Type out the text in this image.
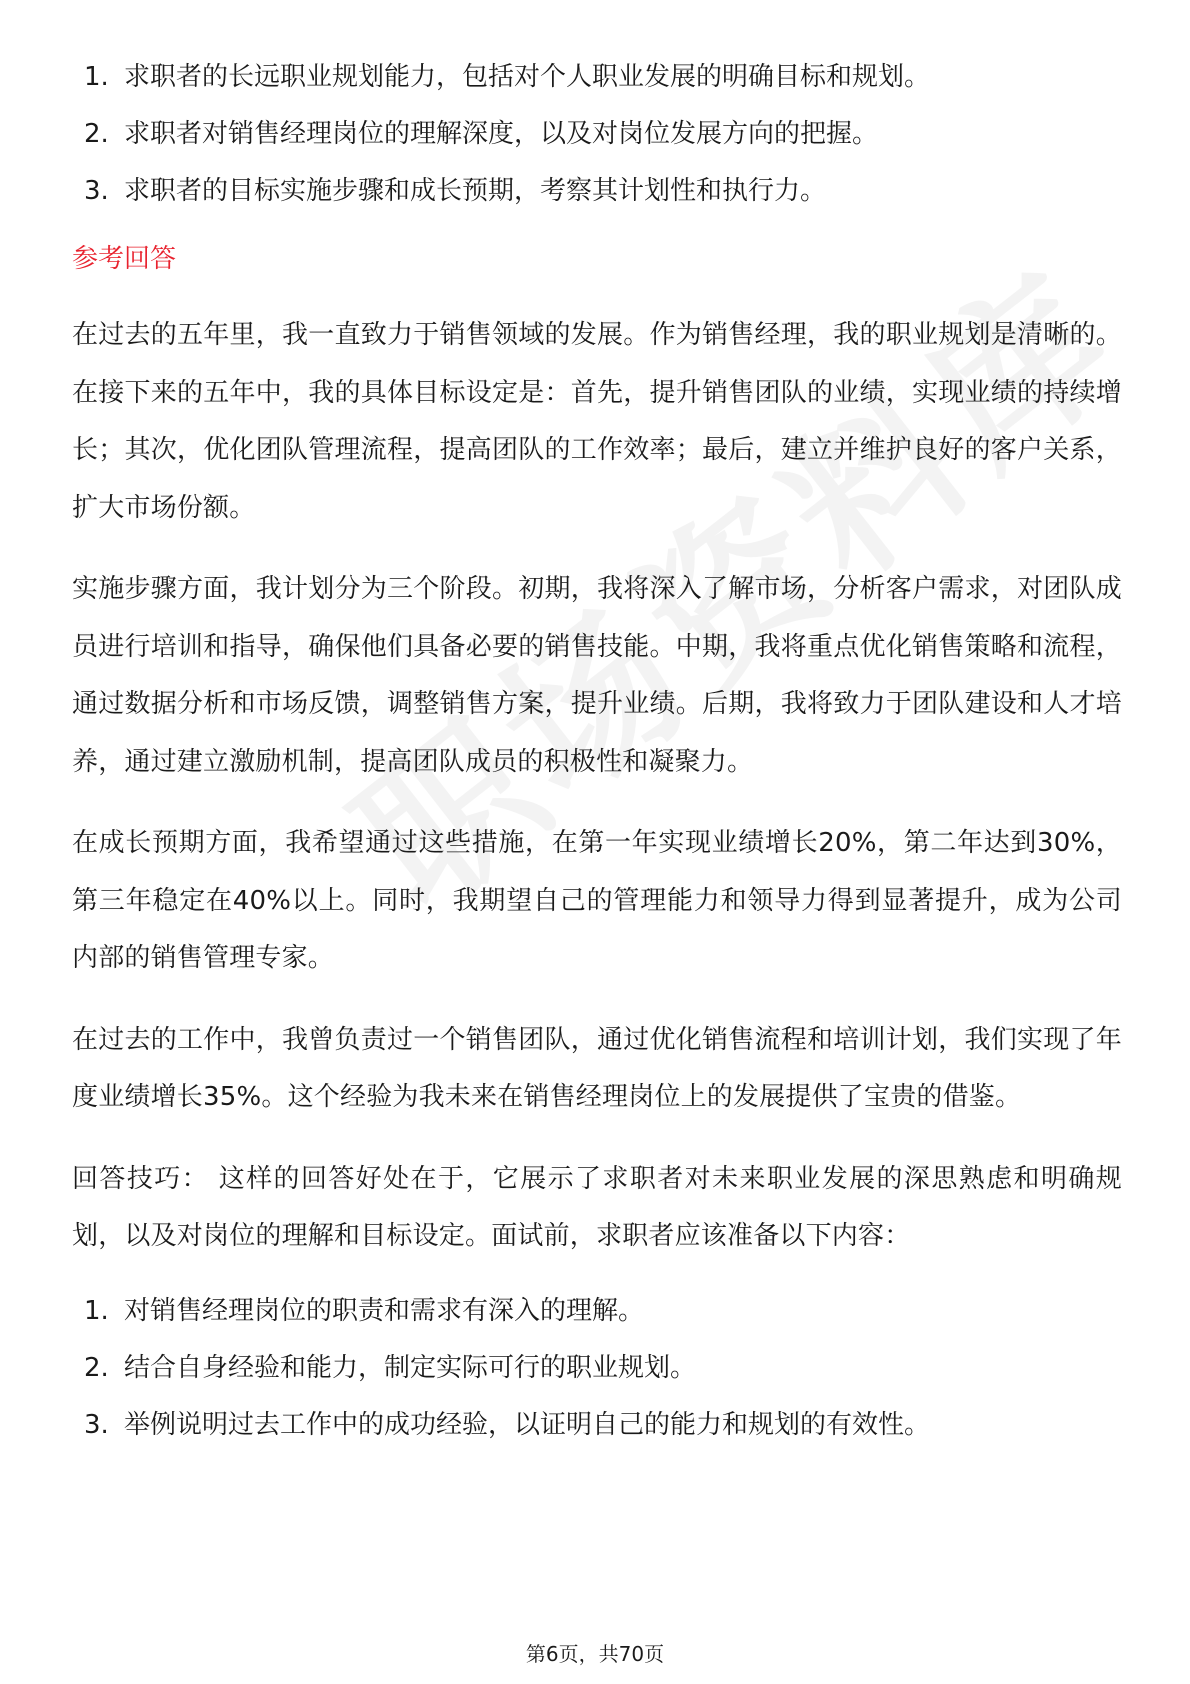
1. 求职者的长远职业规划能力，包括对个人职业发展的明确目标和规划。
2. 求职者对销售经理岗位的理解深度，以及对岗位发展方向的把握。
3. 求职者的目标实施步骤和成长预期，考察其计划性和执行力。
参考回答

在过去的五年里，我一直致力于销售领域的发展。作为销售经理，我的职业规划是清晰的。在接下来的五年中，我的具体目标设定是：首先，提升销售团队的业绩，实现业绩的持续增长；其次，优化团队管理流程，提高团队的工作效率；最后，建立并维护良好的客户关系，扩大市场份额。

实施步骤方面，我计划分为三个阶段。初期，我将深入了解市场，分析客户需求，对团队成员进行培训和指导，确保他们具备必要的销售技能。中期，我将重点优化销售策略和流程，通过数据分析和市场反馈，调整销售方案，提升业绩。后期，我将致力于团队建设和人才培养，通过建立激励机制，提高团队成员的积极性和凝聚力。

在成长预期方面，我希望通过这些措施，在第一年实现业绩增长20%，第二年达到30%，第三年稳定在40%以上。同时，我期望自己的管理能力和领导力得到显著提升，成为公司内部的销售管理专家。

在过去的工作中，我曾负责过一个销售团队，通过优化销售流程和培训计划，我们实现了年度业绩增长35%。这个经验为我未来在销售经理岗位上的发展提供了宝贵的借鉴。

回答技巧： 这样的回答好处在于，它展示了求职者对未来职业发展的深思熟虑和明确规划，以及对岗位的理解和目标设定。面试前，求职者应该准备以下内容：

1. 对销售经理岗位的职责和需求有深入的理解。
2. 结合自身经验和能力，制定实际可行的职业规划。
3. 举例说明过去工作中的成功经验，以证明自己的能力和规划的有效性。
第6页，共70页
